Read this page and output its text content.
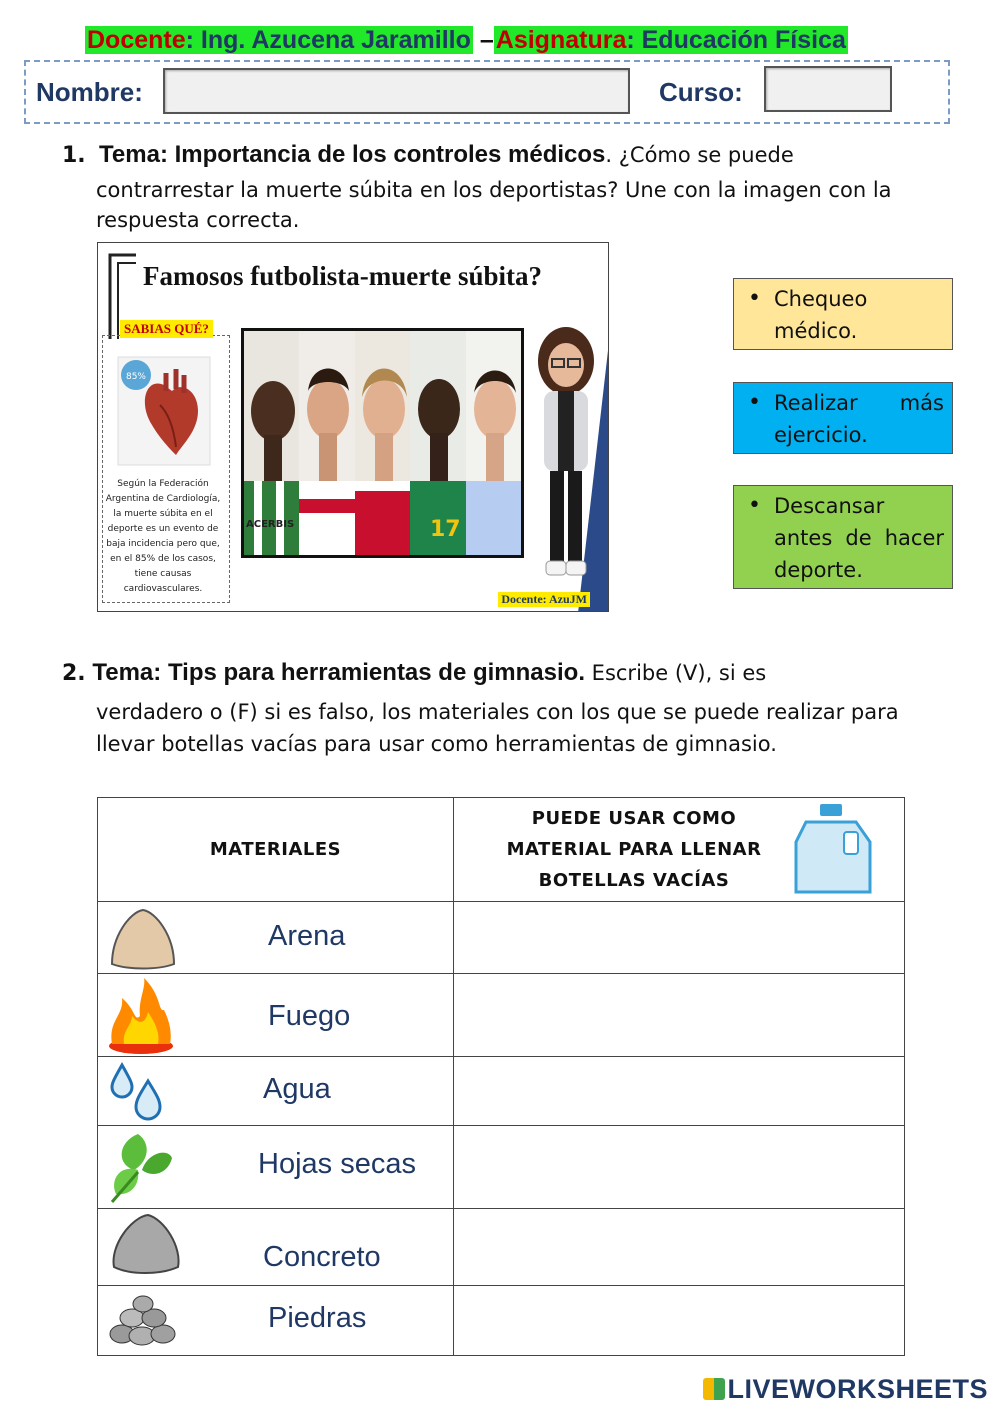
Docente: Ing. Azucena Jaramillo –Asignatura: Educación Física
Nombre:	Curso:
1. Tema: Importancia de los controles médicos. ¿Cómo se puede
contrarrestar la muerte súbita en los deportistas? Une con la imagen con la
respuesta correcta.
Famosos futbolista-muerte súbita?
SABIAS QUÉ?
85%
Según la Federación Argentina de Cardiología, la muerte súbita en el deporte es un evento de baja incidencia pero que, en el 85% de los casos, tiene causas cardiovasculares.
ACERBIS	17
Docente: AzuJM
• Chequeo médico.
• Realizar más ejercicio.
• Descansar antes de hacer deporte.
2. Tema: Tips para herramientas de gimnasio. Escribe (V), si es
verdadero o (F) si es falso, los materiales con los que se puede realizar para
llevar botellas vacías para usar como herramientas de gimnasio.
MATERIALES	PUEDE USAR COMO
MATERIAL PARA LLENAR
BOTELLAS VACÍAS

Arena	

Fuego	

Agua	

Hojas secas	

Concreto	

Piedras	

LIVEWORKSHEETS
